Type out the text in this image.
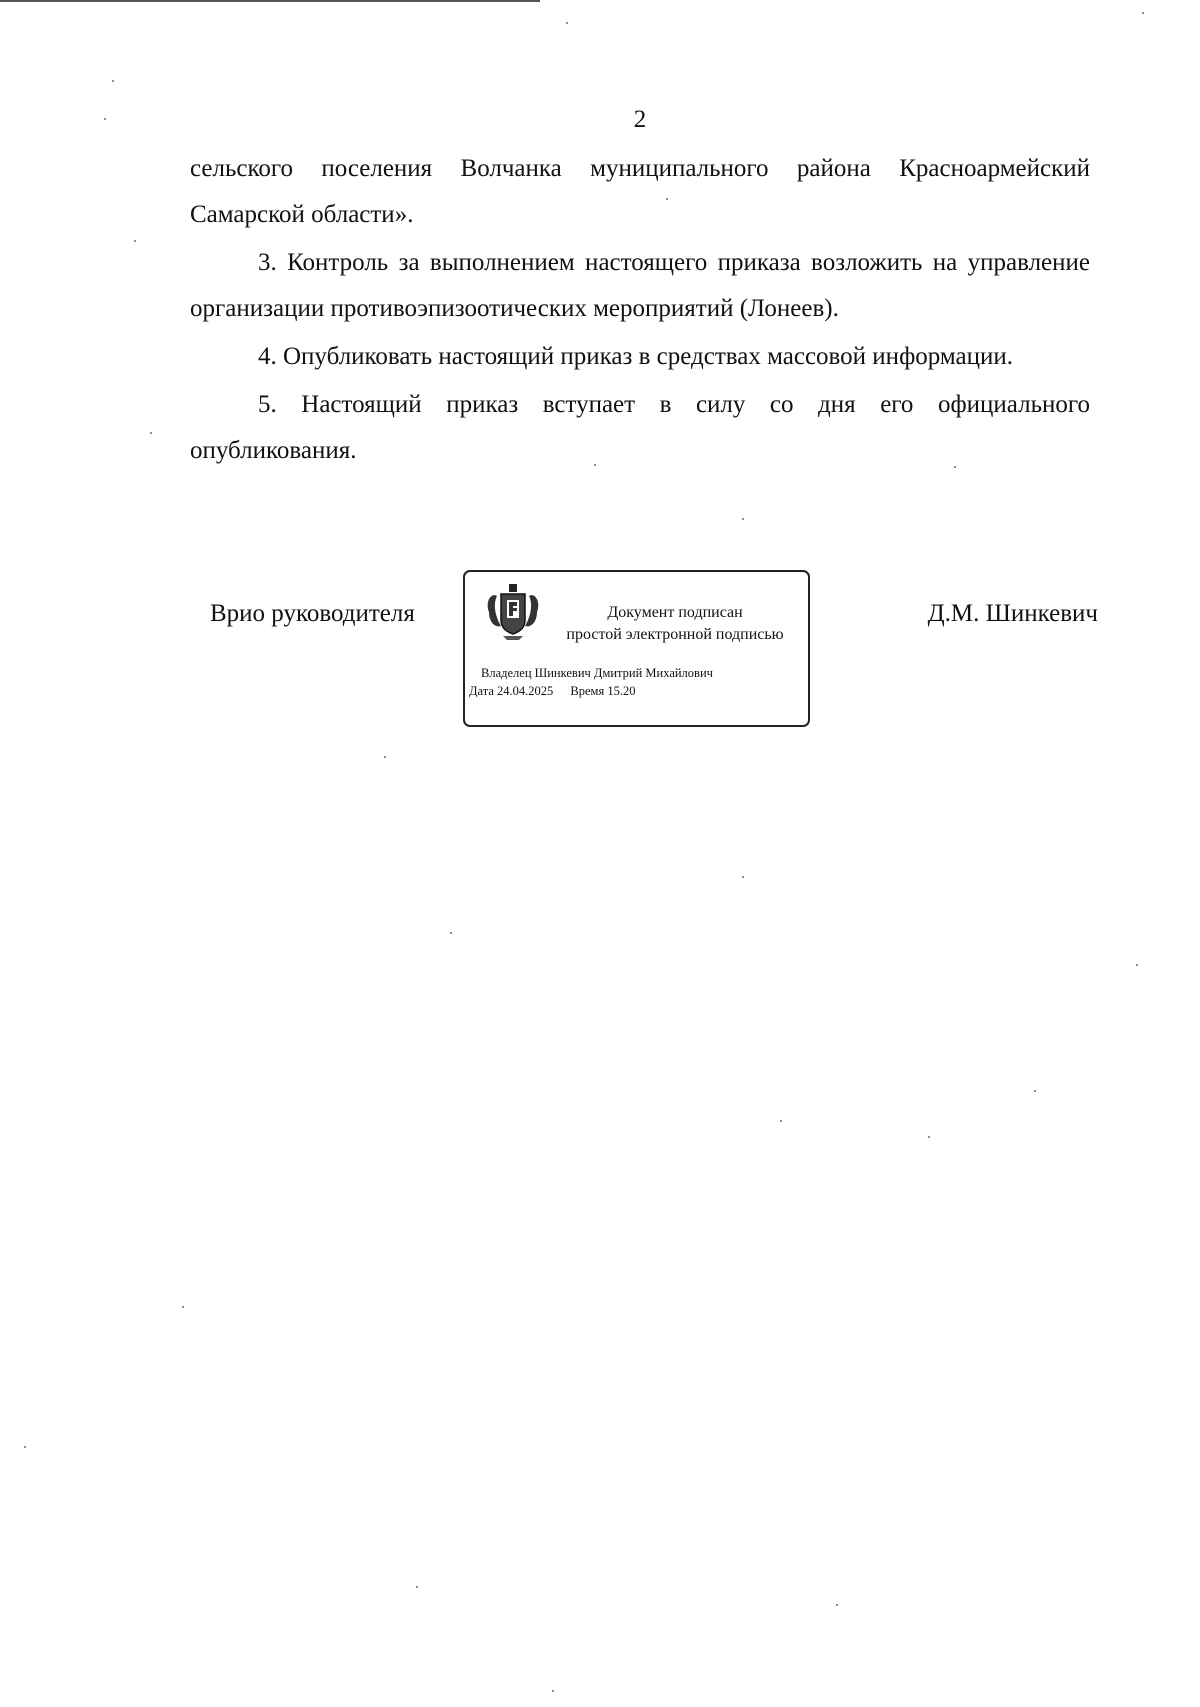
2

сельского поселения Волчанка муниципального района Красноармейский Самарской области».

3. Контроль за выполнением настоящего приказа возложить на управление организации противоэпизоотических мероприятий (Лонеев).

4. Опубликовать настоящий приказ в средствах массовой информации.

5. Настоящий приказ вступает в силу со дня его официального опубликования.

Врио руководителя	Документ подписан
простой электронной подписью
Владелец Шинкевич Дмитрий Михайлович
Дата 24.04.2025 Время 15.20
Д.М. Шинкевич
